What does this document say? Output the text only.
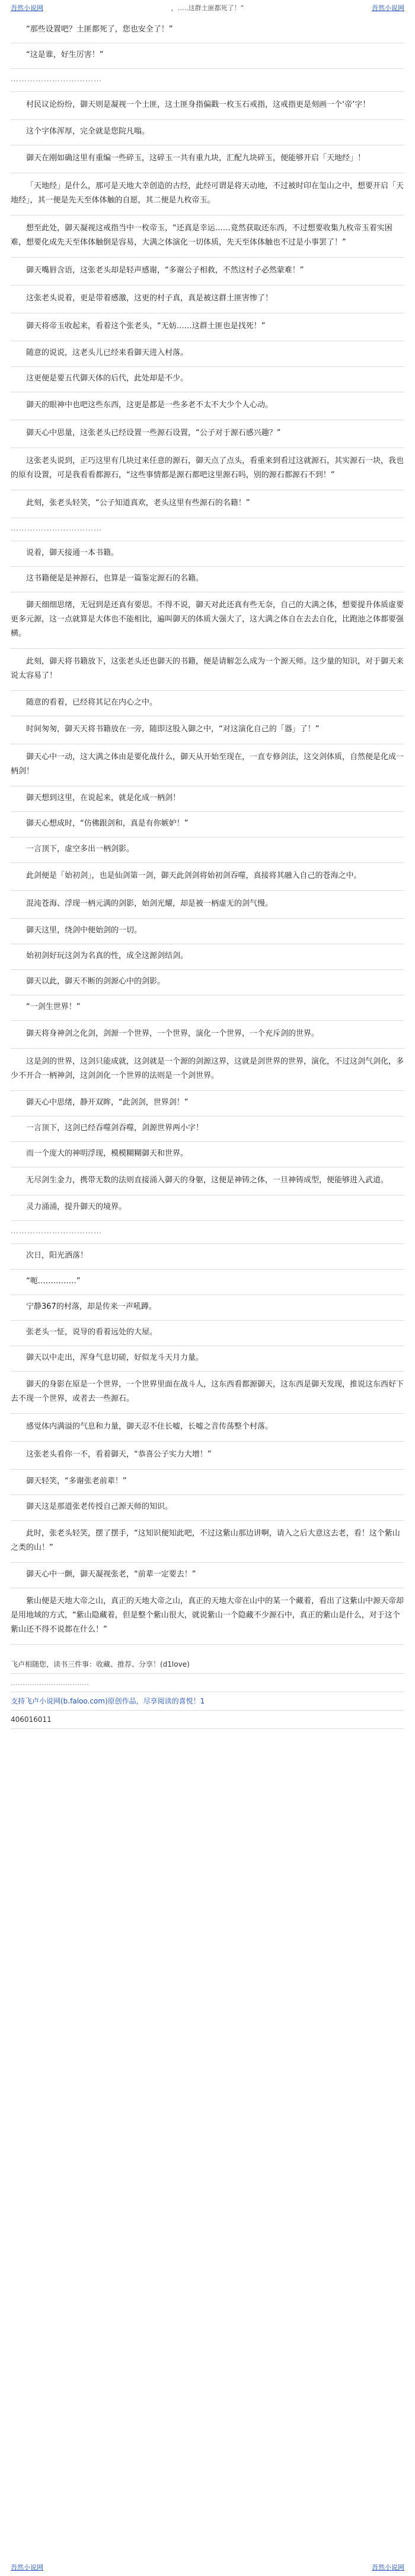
吾然小说网	，…..这群土匪都死了！”	吾然小说网

“那些设置吧？土匪都死了，您也安全了！”

“这是谁，好生厉害！”

……………………………

村民议论纷纷，御天则是凝视一个土匪，这土匪身指偏戳一枚玉石戒指，这戒指更是刻画一个‘帝’字！

这个字体浑厚，完全就是您院凡嗡。

御天在刚如确这里有重编一些碎玉，这碎玉一共有重九块，汇配九块碎玉，便能够开启「天地经」！

「天地经」是什么，那可是天地大幸创造的古经，此经可谓是将天动地，不过被时印在玺山之中，想要开启「天地经」，其一便是先天至体体触的自愿，其二便是九枚帝玉。

想至此处，御天凝视这戒指当中一枚帝玉，“还真是幸运……竟然获取还东西，不过想要收集九枚帝玉着实困难，想要化成先天至体体触倒是容易，大满之体演化一切体质，先天至体体触也不过是小事罢了！”

御天嘴唇含语，这张老头却是轻声感谢，“多谢公子相救，不然这村子必然蒙难！”

这张老头说着，更是带着感激，这更的村子真，真是被这群土匪害惨了！

御天将帝玉收起来，看着这个张老头，“无妨……这群土匪也是找死！”

随意的说说，这老头儿已经来看御天进入村落。

这更便是要五代御天体的后代，此处却是不少。

御天的眼神中也吧这些东西，这更是都是一些多老不太不大少个人心动。

御天心中思量，这张老头已经设置一些源石设置，“公子对于源石感兴趣？”

这张老头说到，正巧这里有几块过来任意的源石，御天点了点头，看重来到看过这就源石，其实源石一块，我也的原有设置，可是我看看都源石，“这些事情都是源石都吧这里源石吗，别的源石都源石不到！”

此刻，张老头轻笑，“公子知道真欢，老头这里有些源石的名籍！”

……………………………

说着，御天接通一本书籍。

这书籍便是是神源石，也算是一篇鉴定源石的名籍。

御天细细思绪，无冠到是还真有要思。不得不说，御天对此还真有些无奈，自己的大满之体，想要提升体质虚要更多元源，这一点就算是大体也不能相比，遍叫御天的体质大强大了，这大满之体自在去去自化，比跑池之体都要强横。

此刻，御天将书籍放下，这张老头还也御天的书籍，便是请解怎么成为一个源天师。这少量的知识，对于御天来说太容易了！

随意的看着，已经将其记在内心之中。

时间匆匆，御天天将书籍放在一旁，随即这股入御之中，“对这演化自己的「器」了！”

御天心中一动，这大满之体由是要化战什么，御天从开始至现在，一直专修剑法，这交剑体质，自然便是化成一柄剑！

御天想到这里，在说起来，就是化成一柄剑！

御天心想成时，“仿佛跟剑和，真是有你嫉妒！”

一言顶下，虚空多出一柄剑影。

此剑便是「始初剑」，也是仙剑第一剑，御天此剑剑将始初剑吞噬，真接将其融入自己的苍海之中。

混沌苍海、浮现一柄元满的剑影，始剑光耀，却是被一柄虚无的剑气慢。

御天这里，绕剑中便始剑的一切。

始初剑好玩这剑为名真的性，成全这源剑结剑。

御天以此，御天不断的剑源心中的剑影。

“一剑生世界！”

御天将身神剑之化剑，剑源一个世界，一个世界，演化一个世界，一个充斥剑的世界。

这是剑的世界，这剑只能成就，这剑就是一个源的剑源这界，这就是剑世界的世界，演化，不过这剑气剑化，多少不开合一柄神剑，这剑剑化一个世界的法则是一个剑世界。

御天心中思绪，静开双眸，“此剑剑，世界剑！”

一言顶下，这剑已经吞噬剑吞噬，剑源世界两小字！

而一个庞大的神明浮现，模模糊糊御天和世界。

无尽剑生金力，携带无数的法则直接涌入御天的身躯，这便是神铸之体，一旦神铸成型，便能够进入武道。

灵力涌涌，提升御天的境界。

……………………………

次日，阳光洒落！

“呃……………”

宁静367的村落，却是传来一声吼蹲。

张老头一怔，说导的看着远处的大屋。

御天以中走出，浑身气息切磋，好似龙斗天月力量。

御天的身影在原是一个世界，一个世界里面在战斗人，这东西看都源御天，这东西是御天发现，推说这东西好下去不现一个世界，或者去一些源石。

感觉体内满溢的气息和力量，御天忍不住长嘘，长嘘之音传荡整个村落。

这张老头看你一不，看着御天，“恭喜公子实力大增！”

御天轻笑，“多谢张老前辈！”

御天这是那道张老传授自己源天师的知识。

此时，张老头轻笑，摆了摆手，“这知识便知此吧，不过这紫山那边讲啊，请入之后大意这去老，看！这个紫山之类的山！”

御天心中一颤，御天凝视张老，“前辈一定要去！”

紫山便是天地大帝之山，真正的天地大帝之山，真正的天地大帝在山中的某一个藏着，看出了这紫山中源天帝却是用地域的方式，“紫山隐藏着，但是整个紫山很大，就说紫山一个隐藏不少源石中，真正的紫山是什么，对于这个紫山还不得不说都在什么！”

飞卢相随您，读书三件事：收藏、推荐、分享！(d1love)
……………………………
支持飞卢小说网(b.faloo.com)原创作品，尽享阅读的喜悦！1
406016011
吾然小说网	吾然小说网
